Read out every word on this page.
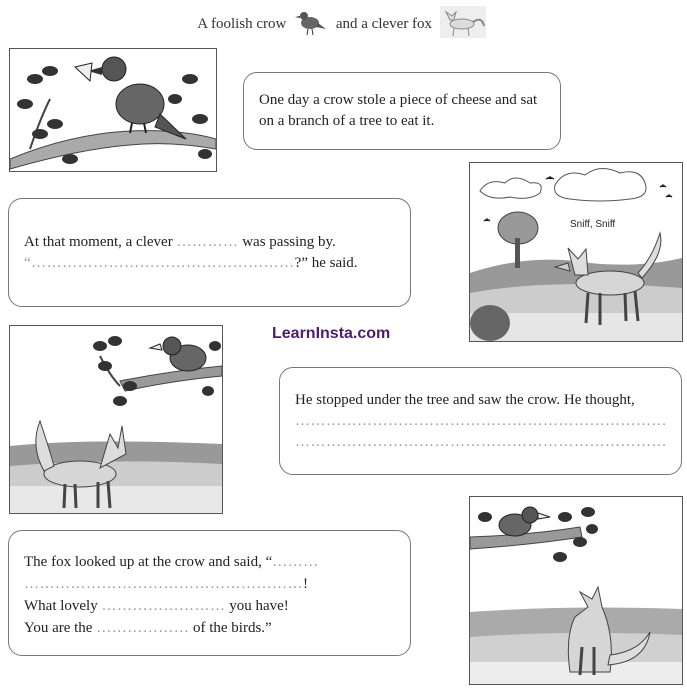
A foolish crow	and a clever fox
One day a crow stole a piece of cheese and sat on a branch of a tree to eat it.
Sniff, Sniff
At that moment, a clever ………… was passing by.
“……………………………………………?” he said.
LearnInsta.com
He stopped under the tree and saw the crow. He thought,
………………………………………………………………
………………………………………………………………
The fox looked up at the crow and said, “………
………………………………………………!
What lovely …………………… you have!
You are the ……………… of the birds.”
